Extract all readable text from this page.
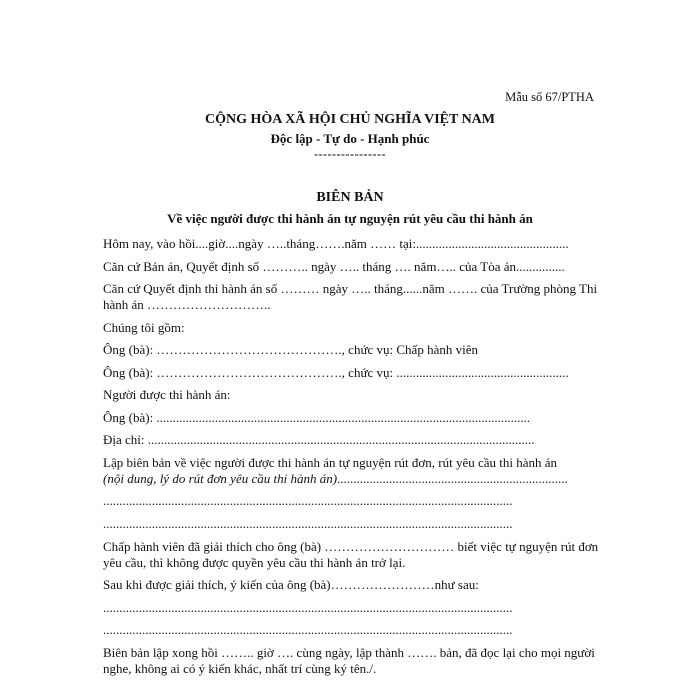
Mẫu số 67/PTHA
CỘNG HÒA XÃ HỘI CHỦ NGHĨA VIỆT NAM
Độc lập - Tự do - Hạnh phúc
----------------
BIÊN BẢN
Về việc người được thi hành án tự nguyện rút yêu cầu thi hành án
Hôm nay, vào hồi....giờ....ngày …..tháng…….năm …… tại:...............................................
Căn cứ Bản án, Quyết định số ……….. ngày ….. tháng …. năm….. của Tòa án...............
Căn cứ Quyết định thi hành án số ……… ngày ….. tháng......năm ……. của Trường phòng Thi hành án ………………………..
Chúng tôi gồm:
Ông (bà): ……………………………………., chức vụ: Chấp hành viên
Ông (bà): ……………………………………., chức vụ: .....................................................
Người được thi hành án:
Ông (bà): ...................................................................................................................
Địa chỉ: .......................................................................................................................
Lập biên bản về việc người được thi hành án tự nguyện rút đơn, rút yêu cầu thi hành án
(nội dung, lý do rút đơn yêu cầu thi hành án).......................................................................
..............................................................................................................................
..............................................................................................................................
Chấp hành viên đã giải thích cho ông (bà) ………………………… biết việc tự nguyện rút đơn yêu cầu, thì không được quyền yêu cầu thi hành án trở lại.
Sau khi được giải thích, ý kiến của ông (bà)……………………như sau:
..............................................................................................................................
..............................................................................................................................
Biên bản lập xong hồi …….. giờ …. cùng ngày, lập thành ……. bản, đã đọc lại cho mọi người nghe, không ai có ý kiến khác, nhất trí cùng ký tên./.
